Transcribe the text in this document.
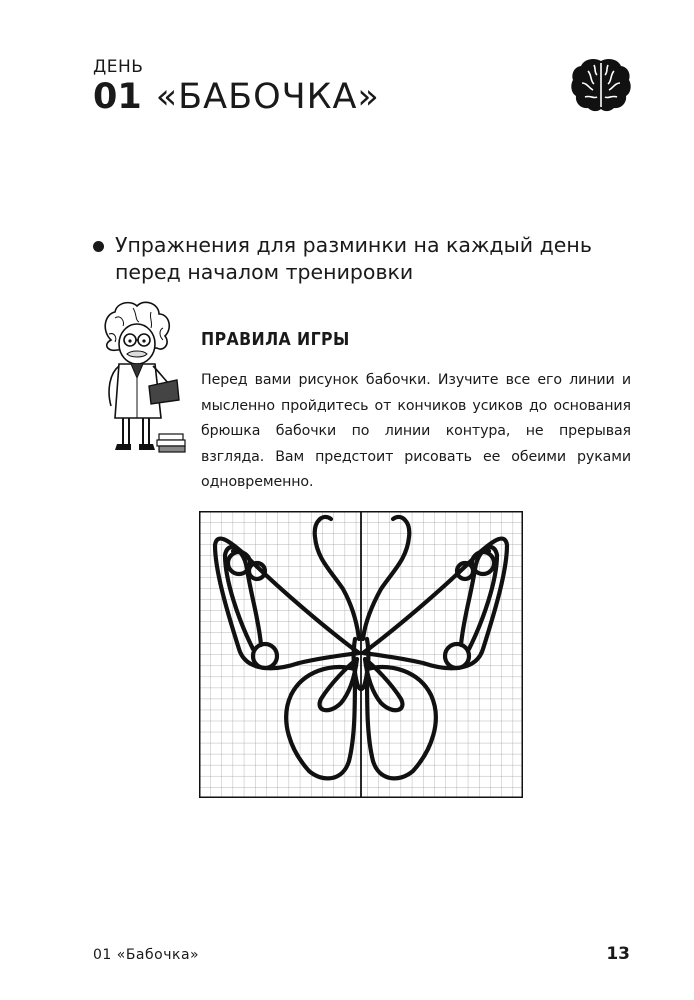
ДЕНЬ
01 «БАБОЧКА»
Упражнения для разминки на каждый день перед началом тренировки
ПРАВИЛА ИГРЫ
Перед вами рисунок бабочки. Изучите все его линии и мысленно пройдитесь от кончиков усиков до основания брюшка бабочки по линии контура, не прерывая взгляда. Вам предстоит рисовать ее обеими руками одновременно.
01 «Бабочка»	13
